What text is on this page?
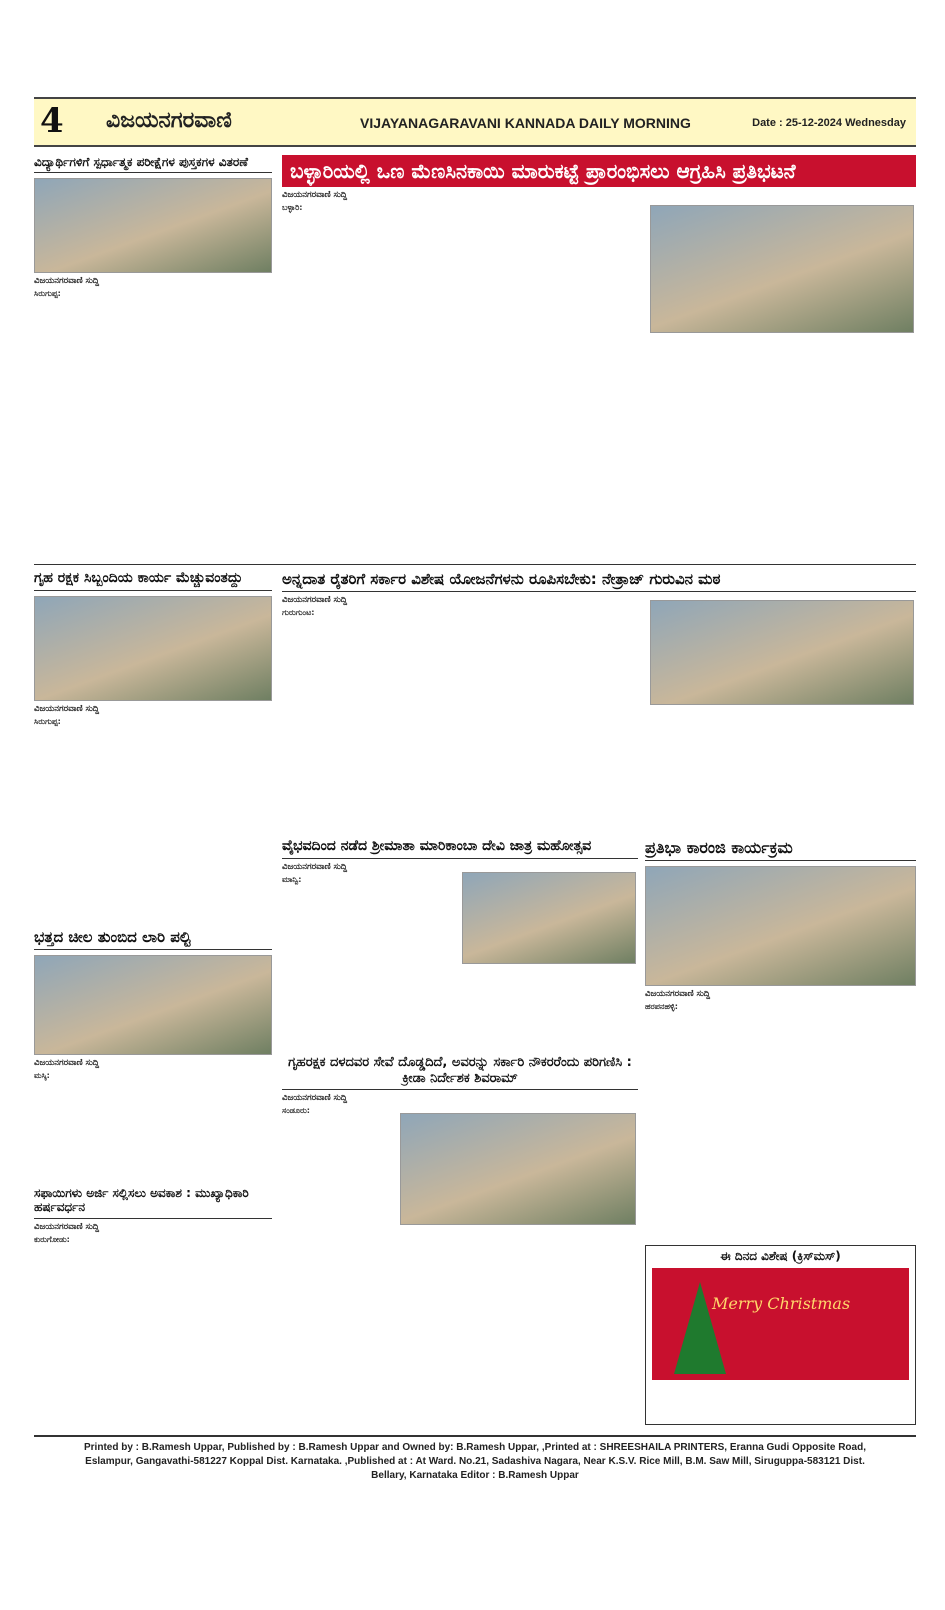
4 ವಿಜಯನಗರವಾಣಿ	VIJAYANAGARAVANI KANNADA DAILY MORNING	Date : 25-12-2024 Wednesday
ವಿದ್ಯಾರ್ಥಿಗಳಿಗೆ ಸ್ಪರ್ಧಾತ್ಮಕ ಪರೀಕ್ಷೆಗಳ ಪುಸ್ತಕಗಳ ವಿತರಣೆ
ವಿಜಯನಗರವಾಣಿ ಸುದ್ದಿ
ಸಿರುಗುಪ್ಪ:
ಬಳ್ಳಾರಿಯಲ್ಲಿ ಒಣ ಮೆಣಸಿನಕಾಯಿ ಮಾರುಕಟ್ಟೆ ಪ್ರಾರಂಭಿಸಲು ಆಗ್ರಹಿಸಿ ಪ್ರತಿಭಟನೆ
ವಿಜಯನಗರವಾಣಿ ಸುದ್ದಿ
ಬಳ್ಳಾರಿ:
ಗೃಹ ರಕ್ಷಕ ಸಿಬ್ಬಂದಿಯ ಕಾರ್ಯ ಮೆಚ್ಚುವಂತದ್ದು
ವಿಜಯನಗರವಾಣಿ ಸುದ್ದಿ
ಸಿರುಗುಪ್ಪ:
ಅನ್ನದಾತ ರೈತರಿಗೆ ಸರ್ಕಾರ ವಿಶೇಷ ಯೋಜನೆಗಳನು ರೂಪಿಸಬೇಕು: ನೇತ್ರಾಜ್ ಗುರುವಿನ ಮಠ
ವಿಜಯನಗರವಾಣಿ ಸುದ್ದಿ
ಗುರುಗುಂಟ:
ವೈಭವದಿಂದ ನಡೆದ ಶ್ರೀಮಾತಾ ಮಾರಿಕಾಂಬಾ ದೇವಿ ಜಾತ್ರ ಮಹೋತ್ಸವ
ವಿಜಯನಗರವಾಣಿ ಸುದ್ದಿ
ಮಾನ್ವಿ:
ಪ್ರತಿಭಾ ಕಾರಂಜಿ ಕಾರ್ಯಕ್ರಮ
ವಿಜಯನಗರವಾಣಿ ಸುದ್ದಿ
ಹರಪನಹಳ್ಳಿ:
ಭತ್ತದ ಚೀಲ ತುಂಬಿದ ಲಾರಿ ಪಲ್ಟಿ
ವಿಜಯನಗರವಾಣಿ ಸುದ್ದಿ
ಮಸ್ಕಿ:
ಗೃಹರಕ್ಷಕ ದಳದವರ ಸೇವೆ ದೊಡ್ಡದಿದೆ, ಅವರನ್ನು ಸರ್ಕಾರಿ ನೌಕರರೆಂದು ಪರಿಗಣಿಸಿ : ಕ್ರೀಡಾ ನಿರ್ದೇಶಕ ಶಿವರಾಮ್
ವಿಜಯನಗರವಾಣಿ ಸುದ್ದಿ
ಸಂಡೂರು:
ಸಫಾಯಿಗಳು ಅರ್ಜಿ ಸಲ್ಲಿಸಲು ಅವಕಾಶ : ಮುಖ್ಯಾಧಿಕಾರಿ ಹರ್ಷವರ್ಧನ
ವಿಜಯನಗರವಾಣಿ ಸುದ್ದಿ
ಕುರುಗೋಡು:
ಈ ದಿನದ ವಿಶೇಷ (ಕ್ರಿಸ್‌ಮಸ್)
Merry Christmas
Printed by : B.Ramesh Uppar, Published by : B.Ramesh Uppar and Owned by: B.Ramesh Uppar, ,Printed at : SHREESHAILA PRINTERS, Eranna Gudi Opposite Road,
Eslampur, Gangavathi-581227 Koppal Dist. Karnataka. ,Published at : At Ward. No.21, Sadashiva Nagara, Near K.S.V. Rice Mill, B.M. Saw Mill, Siruguppa-583121 Dist.
Bellary, Karnataka Editor : B.Ramesh Uppar
